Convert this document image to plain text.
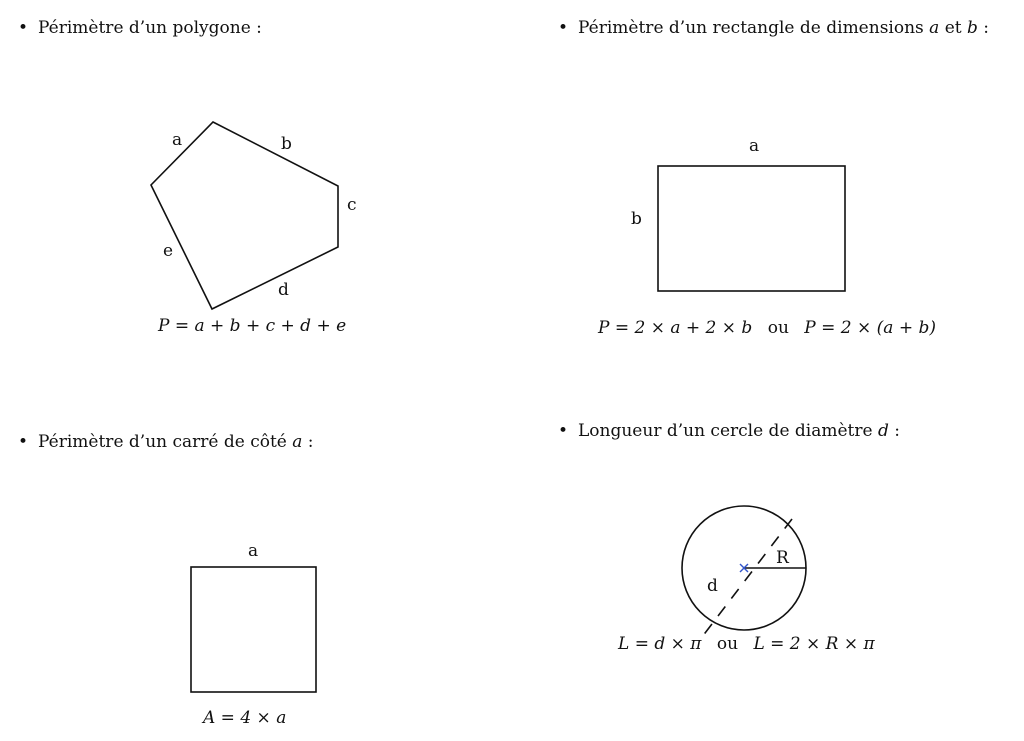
• Périmètre d’un polygone :	• Périmètre d’un rectangle de dimensions a et b :
• Périmètre d’un carré de côté a :
• Longueur d’un cercle de diamètre d :
a	b
c
d
e
a
b
a	R
d
P = a + b + c + d + e	P = 2 × a + 2 × b ou P = 2 × (a + b)
A = 4 × a
L = d × π ou L = 2 × R × π
